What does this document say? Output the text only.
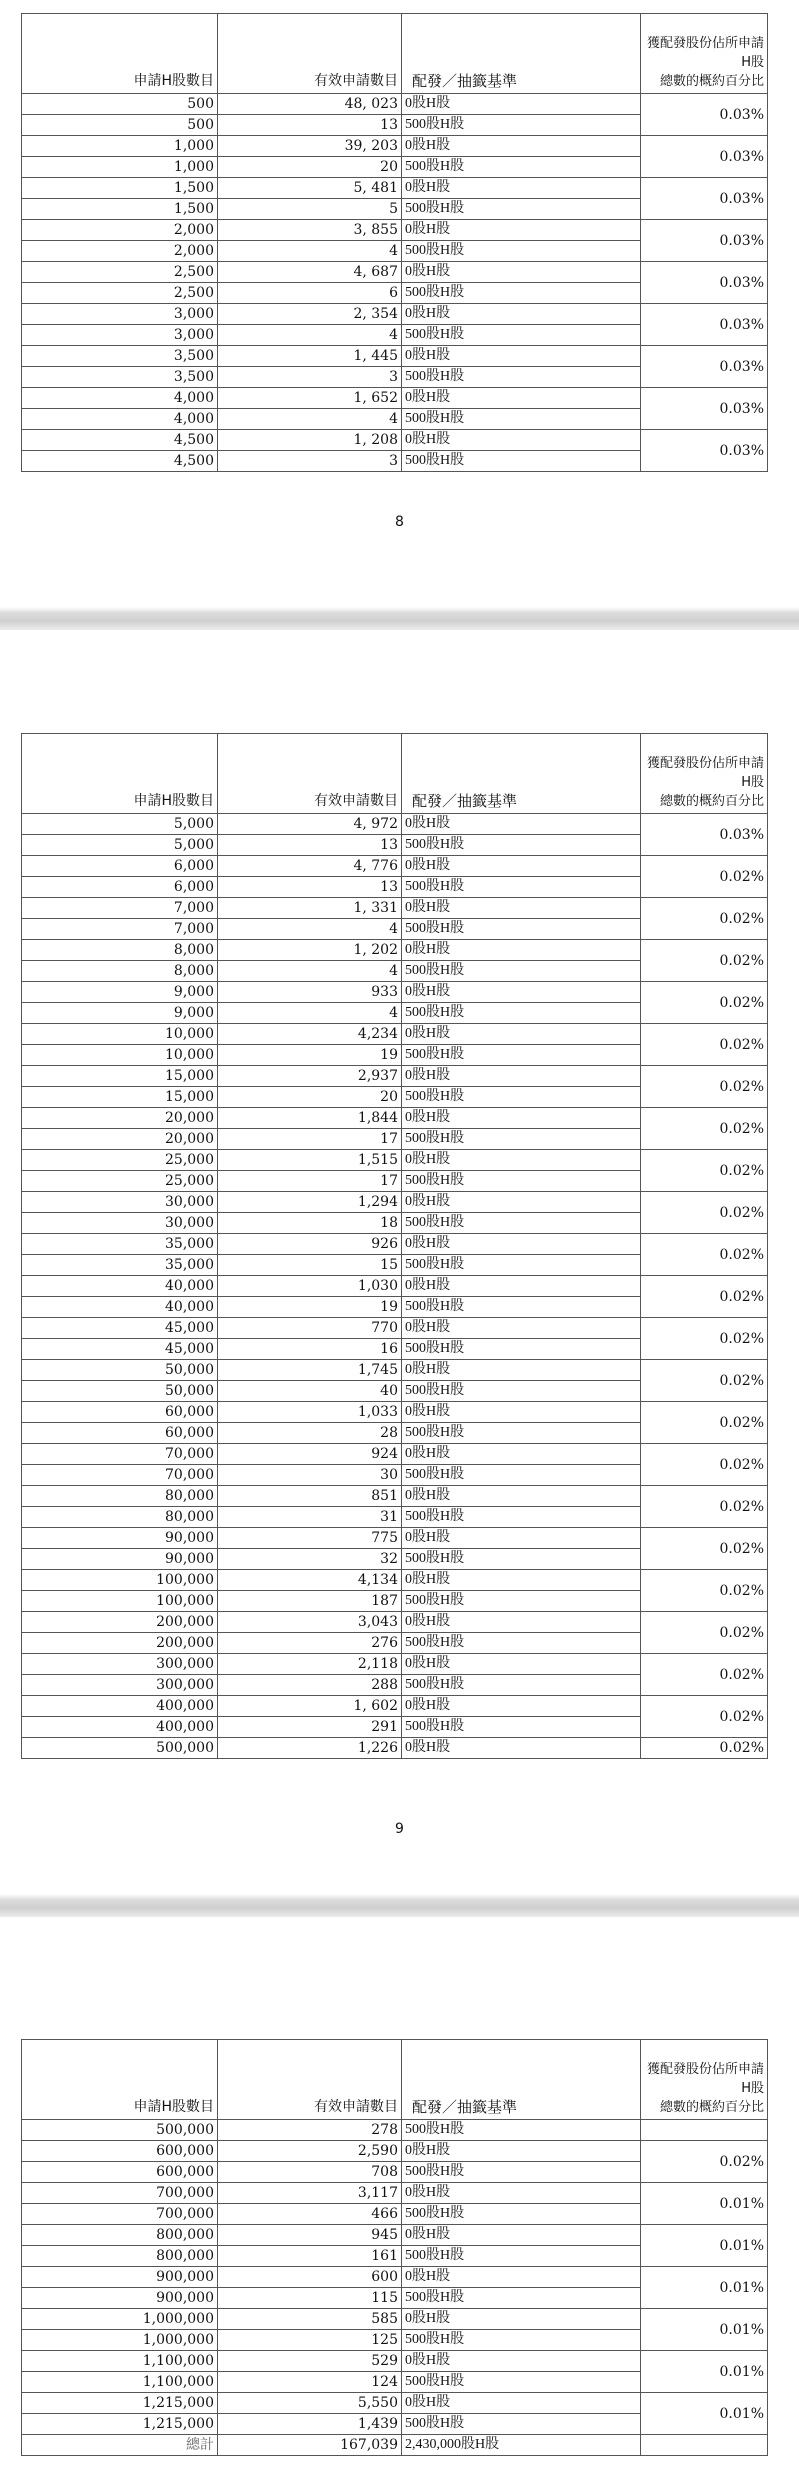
申請H股數目	有效申請數目	配發／抽籤基準	獲配發股份佔所申請H股
總數的概約百分比
500	48, 023	0股H股	0.03%
500	13	500股H股	
1,000	39, 203	0股H股	0.03%
1,000	20	500股H股	
1,500	5, 481	0股H股	0.03%
1,500	5	500股H股	
2,000	3, 855	0股H股	0.03%
2,000	4	500股H股	
2,500	4, 687	0股H股	0.03%
2,500	6	500股H股	
3,000	2, 354	0股H股	0.03%
3,000	4	500股H股	
3,500	1, 445	0股H股	0.03%
3,500	3	500股H股	
4,000	1, 652	0股H股	0.03%
4,000	4	500股H股	
4,500	1, 208	0股H股	0.03%
4,500	3	500股H股	
8
申請H股數目	有效申請數目	配發／抽籤基準	獲配發股份佔所申請H股
總數的概約百分比
5,000	4, 972	0股H股	0.03%
5,000	13	500股H股	
6,000	4, 776	0股H股	0.02%
6,000	13	500股H股	
7,000	1, 331	0股H股	0.02%
7,000	4	500股H股	
8,000	1, 202	0股H股	0.02%
8,000	4	500股H股	
9,000	933	0股H股	0.02%
9,000	4	500股H股	
10,000	4,234	0股H股	0.02%
10,000	19	500股H股	
15,000	2,937	0股H股	0.02%
15,000	20	500股H股	
20,000	1,844	0股H股	0.02%
20,000	17	500股H股	
25,000	1,515	0股H股	0.02%
25,000	17	500股H股	
30,000	1,294	0股H股	0.02%
30,000	18	500股H股	
35,000	926	0股H股	0.02%
35,000	15	500股H股	
40,000	1,030	0股H股	0.02%
40,000	19	500股H股	
45,000	770	0股H股	0.02%
45,000	16	500股H股	
50,000	1,745	0股H股	0.02%
50,000	40	500股H股	
60,000	1,033	0股H股	0.02%
60,000	28	500股H股	
70,000	924	0股H股	0.02%
70,000	30	500股H股	
80,000	851	0股H股	0.02%
80,000	31	500股H股	
90,000	775	0股H股	0.02%
90,000	32	500股H股	
100,000	4,134	0股H股	0.02%
100,000	187	500股H股	
200,000	3,043	0股H股	0.02%
200,000	276	500股H股	
300,000	2,118	0股H股	0.02%
300,000	288	500股H股	
400,000	1, 602	0股H股	0.02%
400,000	291	500股H股	
500,000	1,226	0股H股	0.02%
9
申請H股數目	有效申請數目	配發／抽籤基準	獲配發股份佔所申請H股
總數的概約百分比
500,000	278	500股H股	
600,000	2,590	0股H股	0.02%
600,000	708	500股H股	
700,000	3,117	0股H股	0.01%
700,000	466	500股H股	
800,000	945	0股H股	0.01%
800,000	161	500股H股	
900,000	600	0股H股	0.01%
900,000	115	500股H股	
1,000,000	585	0股H股	0.01%
1,000,000	125	500股H股	
1,100,000	529	0股H股	0.01%
1,100,000	124	500股H股	
1,215,000	5,550	0股H股	0.01%
1,215,000	1,439	500股H股	
總計	167,039	2,430,000股H股	
